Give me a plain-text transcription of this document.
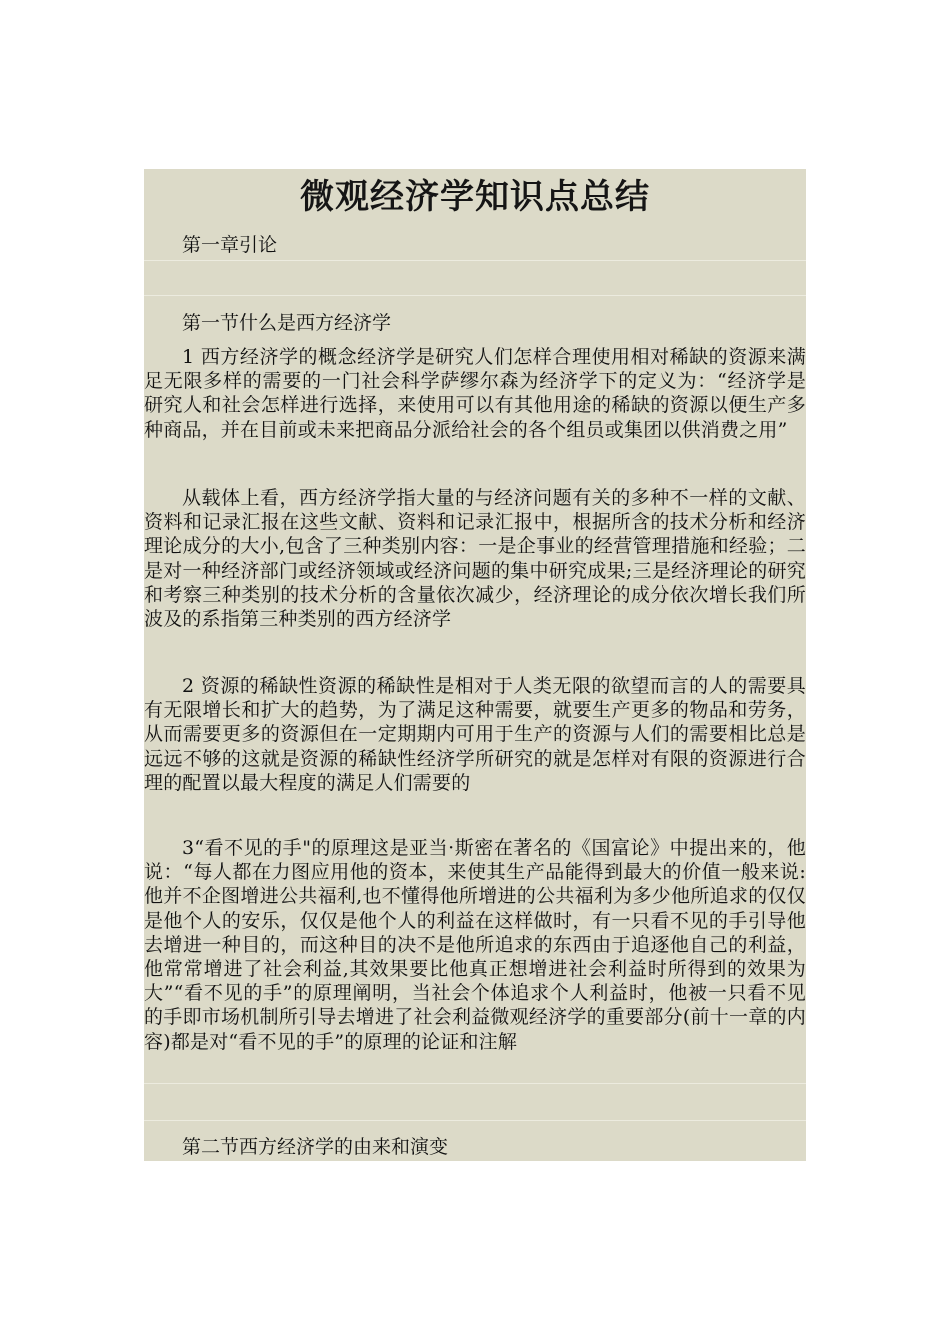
微观经济学知识点总结
第一章引论
第一节什么是西方经济学
1 西方经济学的概念经济学是研究人们怎样合理使用相对稀缺的资源来满足无限多样的需要的一门社会科学萨缪尔森为经济学下的定义为：“经济学是研究人和社会怎样进行选择，来使用可以有其他用途的稀缺的资源以便生产多种商品，并在目前或未来把商品分派给社会的各个组员或集团以供消费之用”
从载体上看，西方经济学指大量的与经济问题有关的多种不一样的文献、资料和记录汇报在这些文献、资料和记录汇报中，根据所含的技术分析和经济理论成分的大小,包含了三种类别内容：一是企事业的经营管理措施和经验；二是对一种经济部门或经济领域或经济问题的集中研究成果;三是经济理论的研究和考察三种类别的技术分析的含量依次减少，经济理论的成分依次增长我们所波及的系指第三种类别的西方经济学
2 资源的稀缺性资源的稀缺性是相对于人类无限的欲望而言的人的需要具有无限增长和扩大的趋势，为了满足这种需要，就要生产更多的物品和劳务，从而需要更多的资源但在一定期期内可用于生产的资源与人们的需要相比总是远远不够的这就是资源的稀缺性经济学所研究的就是怎样对有限的资源进行合理的配置以最大程度的满足人们需要的
3“看不见的手"的原理这是亚当·斯密在著名的《国富论》中提出来的，他说：“每人都在力图应用他的资本，来使其生产品能得到最大的价值一般来说:他并不企图增进公共福利,也不懂得他所增进的公共福利为多少他所追求的仅仅是他个人的安乐，仅仅是他个人的利益在这样做时，有一只看不见的手引导他去增进一种目的，而这种目的决不是他所追求的东西由于追逐他自己的利益，他常常增进了社会利益,其效果要比他真正想增进社会利益时所得到的效果为大”“看不见的手”的原理阐明，当社会个体追求个人利益时，他被一只看不见的手即市场机制所引导去增进了社会利益微观经济学的重要部分(前十一章的内容)都是对“看不见的手”的原理的论证和注解
第二节西方经济学的由来和演变
